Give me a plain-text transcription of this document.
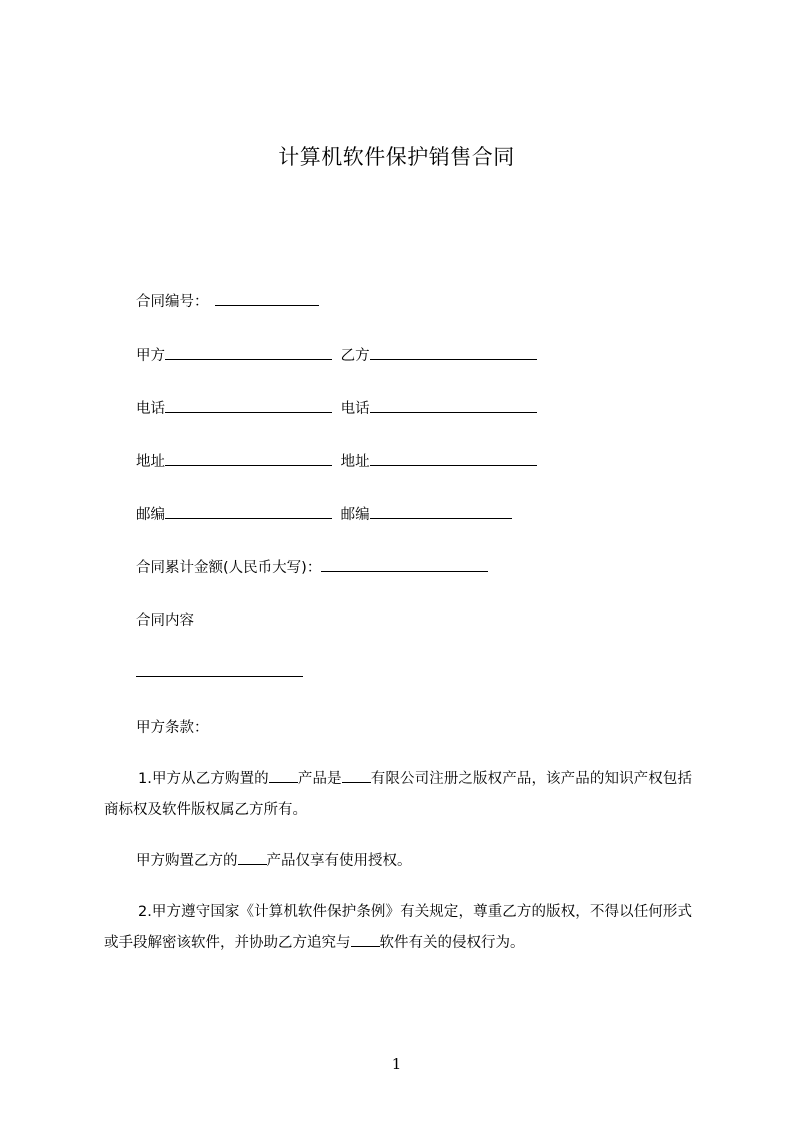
计算机软件保护销售合同
合同编号：
甲方	乙方
电话	电话
地址	地址
邮编	邮编
合同累计金额(人民币大写)：
合同内容
甲方条款：
1.甲方从乙方购置的 产品是 有限公司注册之版权产品，该产品的知识产权包括商标权及软件版权属乙方所有。
甲方购置乙方的 产品仅享有使用授权。
2.甲方遵守国家《计算机软件保护条例》有关规定，尊重乙方的版权，不得以任何形式或手段解密该软件，并协助乙方追究与 软件有关的侵权行为。
1
